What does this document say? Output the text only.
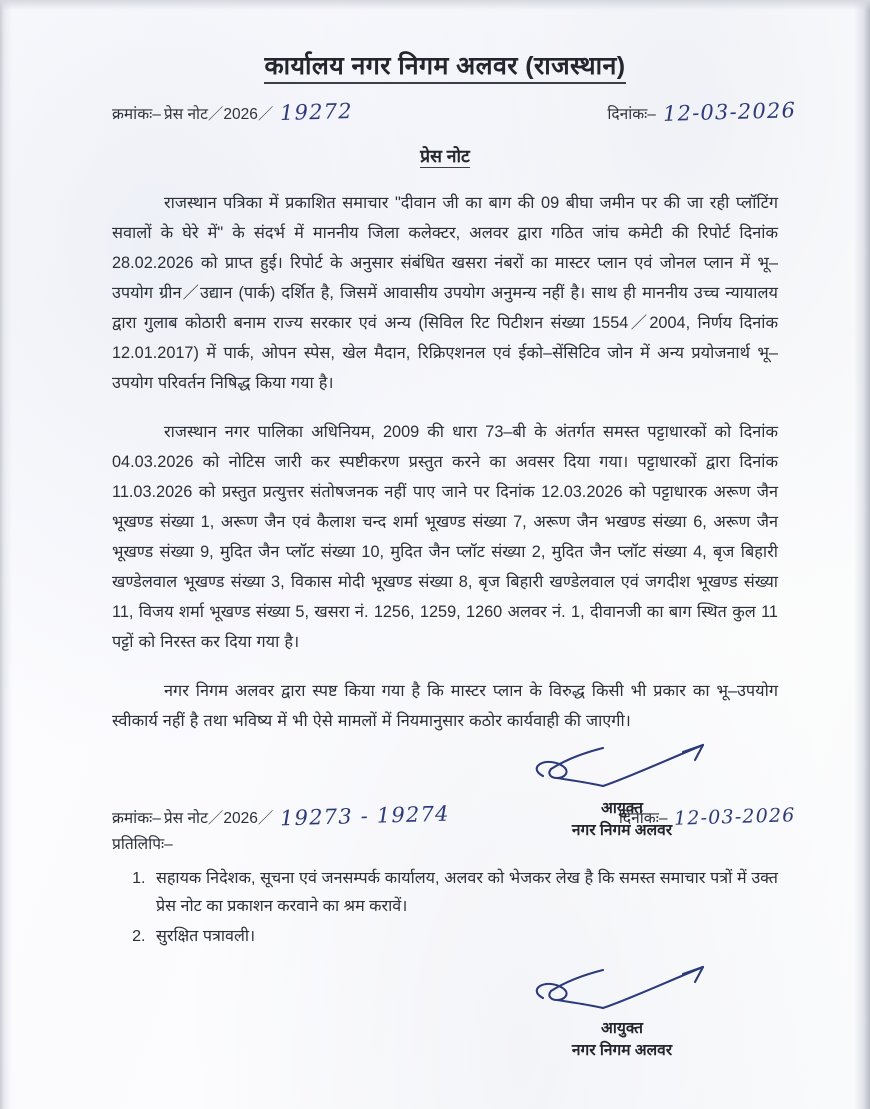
कार्यालय नगर निगम अलवर (राजस्थान)
क्रमांकः– प्रेस नोट／2026／ 19272	दिनांकः– 12-03-2026
प्रेस नोट

राजस्थान पत्रिका में प्रकाशित समाचार "दीवान जी का बाग की 09 बीघा जमीन पर की जा रही प्लॉटिंग सवालों के घेरे में" के संदर्भ में माननीय जिला कलेक्टर, अलवर द्वारा गठित जांच कमेटी की रिपोर्ट दिनांक 28.02.2026 को प्राप्त हुई। रिपोर्ट के अनुसार संबंधित खसरा नंबरों का मास्टर प्लान एवं जोनल प्लान में भू–उपयोग ग्रीन／उद्यान (पार्क) दर्शित है, जिसमें आवासीय उपयोग अनुमन्य नहीं है। साथ ही माननीय उच्च न्यायालय द्वारा गुलाब कोठारी बनाम राज्य सरकार एवं अन्य (सिविल रिट पिटीशन संख्या 1554／2004, निर्णय दिनांक 12.01.2017) में पार्क, ओपन स्पेस, खेल मैदान, रिक्रिएशनल एवं ईको–सेंसिटिव जोन में अन्य प्रयोजनार्थ भू–उपयोग परिवर्तन निषिद्ध किया गया है।

राजस्थान नगर पालिका अधिनियम, 2009 की धारा 73–बी के अंतर्गत समस्त पट्टाधारकों को दिनांक 04.03.2026 को नोटिस जारी कर स्पष्टीकरण प्रस्तुत करने का अवसर दिया गया। पट्टाधारकों द्वारा दिनांक 11.03.2026 को प्रस्तुत प्रत्युत्तर संतोषजनक नहीं पाए जाने पर दिनांक 12.03.2026 को पट्टाधारक अरूण जैन भूखण्ड संख्या 1, अरूण जैन एवं कैलाश चन्द शर्मा भूखण्ड संख्या 7, अरूण जैन भखण्ड संख्या 6, अरूण जैन भूखण्ड संख्या 9, मुदित जैन प्लॉट संख्या 10, मुदित जैन प्लॉट संख्या 2, मुदित जैन प्लॉट संख्या 4, बृज बिहारी खण्डेलवाल भूखण्ड संख्या 3, विकास मोदी भूखण्ड संख्या 8, बृज बिहारी खण्डेलवाल एवं जगदीश भूखण्ड संख्या 11, विजय शर्मा भूखण्ड संख्या 5, खसरा नं. 1256, 1259, 1260 अलवर नं. 1, दीवानजी का बाग स्थित कुल 11 पट्टों को निरस्त कर दिया गया है।

नगर निगम अलवर द्वारा स्पष्ट किया गया है कि मास्टर प्लान के विरुद्ध किसी भी प्रकार का भू–उपयोग स्वीकार्य नहीं है तथा भविष्य में भी ऐसे मामलों में नियमानुसार कठोर कार्यवाही की जाएगी।

आयुक्त
नगर निगम अलवर
क्रमांकः– प्रेस नोट／2026／ 19273 - 19274	दिनांकः– 12-03-2026
प्रतिलिपिः–
1. सहायक निदेशक, सूचना एवं जनसम्पर्क कार्यालय, अलवर को भेजकर लेख है कि समस्त समाचार पत्रों में उक्त प्रेस नोट का प्रकाशन करवाने का श्रम करावें।
2. सुरक्षित पत्रावली।
आयुक्त
नगर निगम अलवर
